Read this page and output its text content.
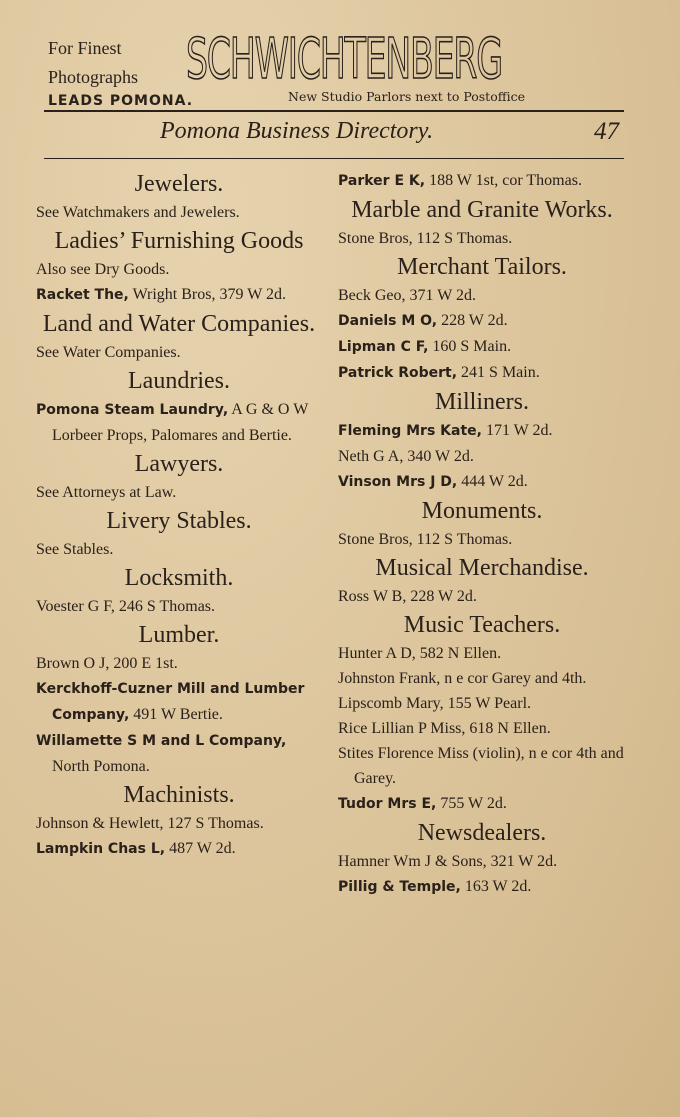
For Finest
Photographs
LEADS POMONA.
SCHWICHTENBERG
New Studio Parlors next to Postoffice
Pomona Business Directory.	47
Jewelers.
See Watchmakers and Jewelers.
Ladies’ Furnishing Goods
Also see Dry Goods.
Racket The, Wright Bros, 379 W 2d.
Land and Water Companies.
See Water Companies.
Laundries.
Pomona Steam Laundry, A G & O W Lorbeer Props, Palomares and Bertie.
Lawyers.
See Attorneys at Law.
Livery Stables.
See Stables.
Locksmith.
Voester G F, 246 S Thomas.
Lumber.
Brown O J, 200 E 1st.
Kerckhoff-Cuzner Mill and Lumber Company, 491 W Bertie.
Willamette S M and L Company, North Pomona.
Machinists.
Johnson & Hewlett, 127 S Thomas.
Lampkin Chas L, 487 W 2d.
Parker E K, 188 W 1st, cor Thomas.
Marble and Granite Works.
Stone Bros, 112 S Thomas.
Merchant Tailors.
Beck Geo, 371 W 2d.
Daniels M O, 228 W 2d.
Lipman C F, 160 S Main.
Patrick Robert, 241 S Main.
Milliners.
Fleming Mrs Kate, 171 W 2d.
Neth G A, 340 W 2d.
Vinson Mrs J D, 444 W 2d.
Monuments.
Stone Bros, 112 S Thomas.
Musical Merchandise.
Ross W B, 228 W 2d.
Music Teachers.
Hunter A D, 582 N Ellen.
Johnston Frank, n e cor Garey and 4th.
Lipscomb Mary, 155 W Pearl.
Rice Lillian P Miss, 618 N Ellen.
Stites Florence Miss (violin), n e cor 4th and Garey.
Tudor Mrs E, 755 W 2d.
Newsdealers.
Hamner Wm J & Sons, 321 W 2d.
Pillig & Temple, 163 W 2d.
